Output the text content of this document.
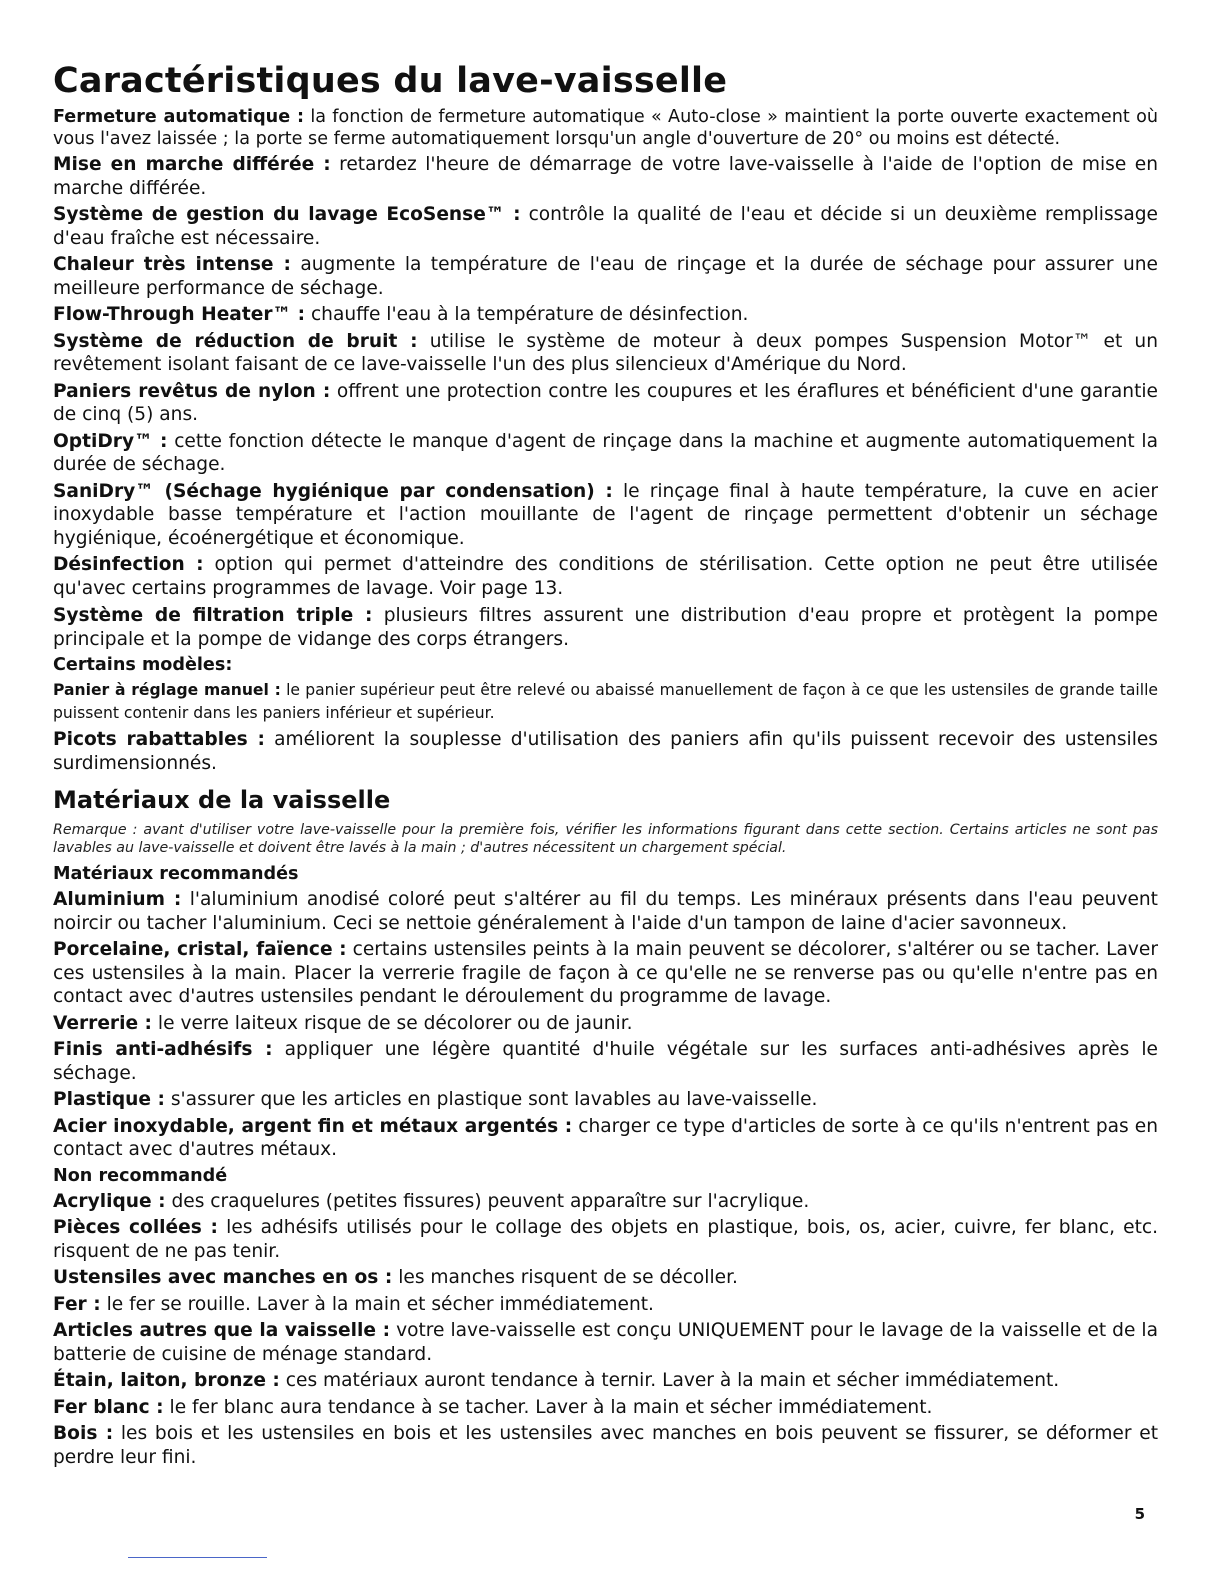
Caractéristiques du lave-vaisselle

Fermeture automatique : la fonction de fermeture automatique « Auto-close » maintient la porte ouverte exactement où vous l'avez laissée ; la porte se ferme automatiquement lorsqu'un angle d'ouverture de 20° ou moins est détecté.

Mise en marche différée : retardez l'heure de démarrage de votre lave-vaisselle à l'aide de l'option de mise en marche différée.

Système de gestion du lavage EcoSense™ : contrôle la qualité de l'eau et décide si un deuxième remplissage d'eau fraîche est nécessaire.

Chaleur très intense : augmente la température de l'eau de rinçage et la durée de séchage pour assurer une meilleure performance de séchage.

Flow-Through Heater™ : chauffe l'eau à la température de désinfection.

Système de réduction de bruit : utilise le système de moteur à deux pompes Suspension Motor™ et un revêtement isolant faisant de ce lave-vaisselle l'un des plus silencieux d'Amérique du Nord.

Paniers revêtus de nylon : offrent une protection contre les coupures et les éraflures et bénéficient d'une garantie de cinq (5) ans.

OptiDry™ : cette fonction détecte le manque d'agent de rinçage dans la machine et augmente automatiquement la durée de séchage.

SaniDry™ (Séchage hygiénique par condensation) : le rinçage final à haute température, la cuve en acier inoxydable basse température et l'action mouillante de l'agent de rinçage permettent d'obtenir un séchage hygiénique, écoénergétique et économique.

Désinfection : option qui permet d'atteindre des conditions de stérilisation. Cette option ne peut être utilisée qu'avec certains programmes de lavage. Voir page 13.

Système de filtration triple : plusieurs filtres assurent une distribution d'eau propre et protègent la pompe principale et la pompe de vidange des corps étrangers.

Certains modèles:

Panier à réglage manuel : le panier supérieur peut être relevé ou abaissé manuellement de façon à ce que les ustensiles de grande taille puissent contenir dans les paniers inférieur et supérieur.

Picots rabattables : améliorent la souplesse d'utilisation des paniers afin qu'ils puissent recevoir des ustensiles surdimensionnés.

Matériaux de la vaisselle

Remarque : avant d'utiliser votre lave-vaisselle pour la première fois, vérifier les informations figurant dans cette section. Certains articles ne sont pas lavables au lave-vaisselle et doivent être lavés à la main ; d'autres nécessitent un chargement spécial.

Matériaux recommandés

Aluminium : l'aluminium anodisé coloré peut s'altérer au fil du temps. Les minéraux présents dans l'eau peuvent noircir ou tacher l'aluminium. Ceci se nettoie généralement à l'aide d'un tampon de laine d'acier savonneux.

Porcelaine, cristal, faïence : certains ustensiles peints à la main peuvent se décolorer, s'altérer ou se tacher. Laver ces ustensiles à la main. Placer la verrerie fragile de façon à ce qu'elle ne se renverse pas ou qu'elle n'entre pas en contact avec d'autres ustensiles pendant le déroulement du programme de lavage.

Verrerie : le verre laiteux risque de se décolorer ou de jaunir.

Finis anti-adhésifs : appliquer une légère quantité d'huile végétale sur les surfaces anti-adhésives après le séchage.

Plastique : s'assurer que les articles en plastique sont lavables au lave-vaisselle.

Acier inoxydable, argent fin et métaux argentés : charger ce type d'articles de sorte à ce qu'ils n'entrent pas en contact avec d'autres métaux.

Non recommandé

Acrylique : des craquelures (petites fissures) peuvent apparaître sur l'acrylique.

Pièces collées : les adhésifs utilisés pour le collage des objets en plastique, bois, os, acier, cuivre, fer blanc, etc. risquent de ne pas tenir.

Ustensiles avec manches en os : les manches risquent de se décoller.

Fer : le fer se rouille. Laver à la main et sécher immédiatement.

Articles autres que la vaisselle : votre lave-vaisselle est conçu UNIQUEMENT pour le lavage de la vaisselle et de la batterie de cuisine de ménage standard.

Étain, laiton, bronze : ces matériaux auront tendance à ternir. Laver à la main et sécher immédiatement.

Fer blanc : le fer blanc aura tendance à se tacher. Laver à la main et sécher immédiatement.

Bois : les bois et les ustensiles en bois et les ustensiles avec manches en bois peuvent se fissurer, se déformer et perdre leur fini.

5
